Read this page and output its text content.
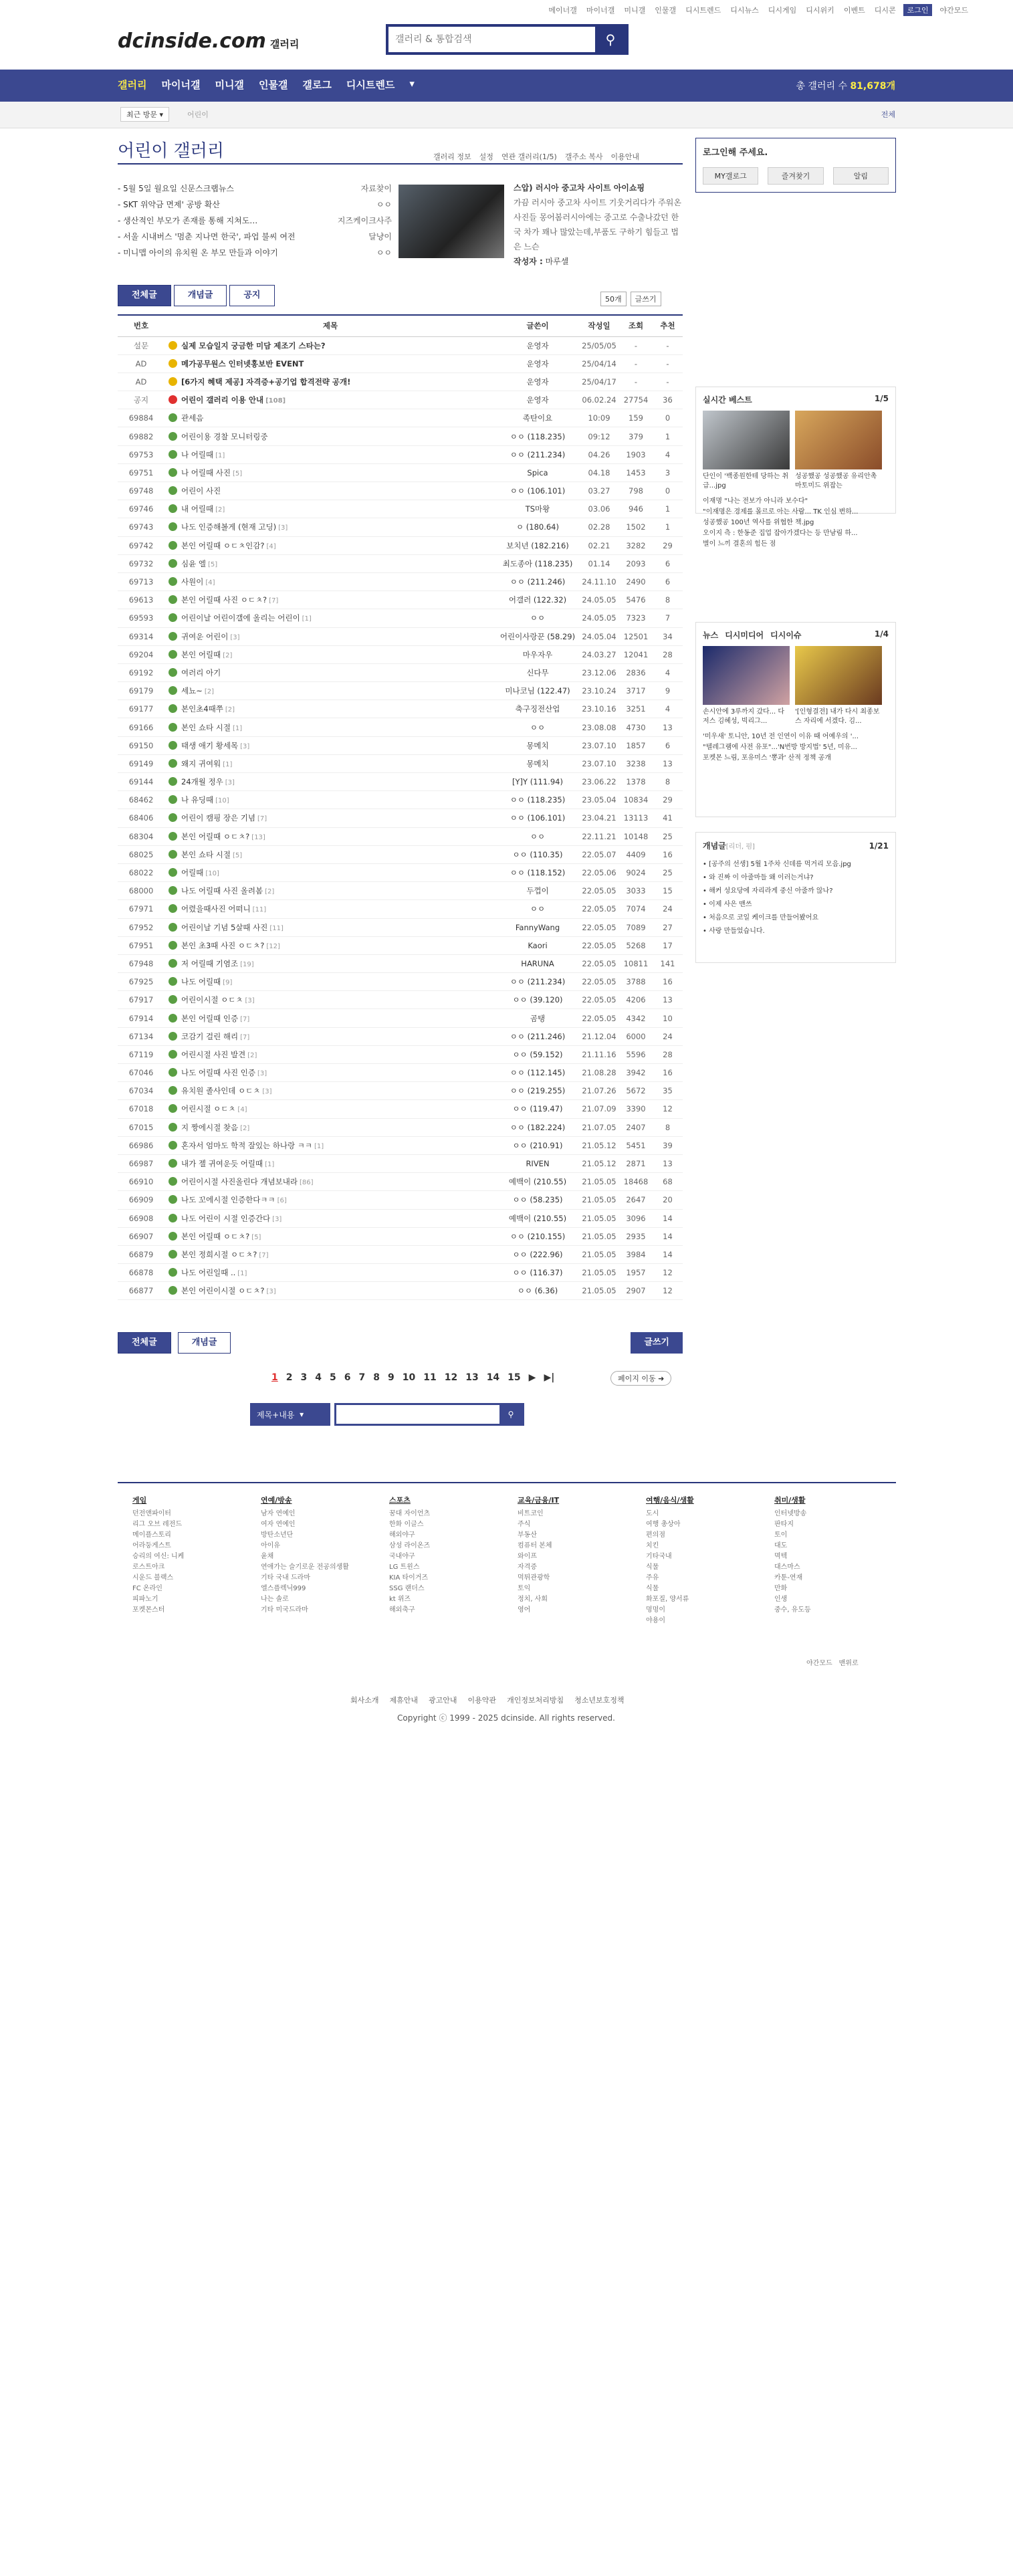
메이너갤 마이너갤 미니갤 인물갤 디시트렌드 디시뉴스 디시게임 디시위키 이벤트 디시콘	로그인	야간모드
dcinside.com 갤러리
갤러리 & 통합검색	⚲
갤러리 마이너갤 미니갤 인물갤 갤로그 디시트렌드 ▾	총 갤러리 수 81,678개
최근 방문 ▾	어린이	전체
어린이 갤러리	갤러리 정보 설정 연관 갤러리(1/5) 갤주소 복사 이용안내
- 5월 5일 월요일 신문스크랩뉴스	자료찾이
- SKT 위약금 면제' 공방 확산	ㅇㅇ
- 생산적인 부모가 존재를 통해 지쳐도…	지즈케이크사주
- 서울 시내버스 '멈춘 지나면 한국', 파업 불씨 여전	달냥이
- 미니맵 아이의 유치원 온 부모 만들과 이야기	ㅇㅇ
스압) 러시아 중고차 사이트 아이쇼핑
가끔 러시아 중고차 사이트 기웃거리다가 주워온 사진들 몽어봄러시아에는 중고로 수출나갔던 한국 차가 꽤나 많았는데,부품도 구하기 힘들고 법은 느슨
작성자 : 마루셀
전체글	개념글	공지	50개	글쓰기
번호	제목	글쓴이	작성일	조회	추천
설문	실제 모습일지 궁금한 미담 제조기 스타는?	운영자	25/05/05	-	-
AD	메가공무원스 인터넷홍보반 EVENT	운영자	25/04/14	-	-
AD	[6가지 혜택 제공] 자격증+공기업 합격전략 공개!	운영자	25/04/17	-	-
공지	어린이 갤러리 이용 안내 [108]	운영자	06.02.24	27754	36
69884	관세음	족탄이요	10:09	159	0
69882	어린이용 경찰 모니터링중	ㅇㅇ (118.235)	09:12	379	1
69753	나 어릴때 [1]	ㅇㅇ (211.234)	04.26	1903	4
69751	나 어릴때 사진 [5]	Spica	04.18	1453	3
69748	어린이 사진	ㅇㅇ (106.101)	03.27	798	0
69746	내 어릴때 [2]	TS마왕	03.06	946	1
69743	나도 인증해볼게 (현재 고딩) [3]	ㅇ (180.64)	02.28	1502	1
69742	본인 어릴때 ㅇㄷㅊ인감? [4]	보치년 (182.216)	02.21	3282	29
69732	심윤 엘 [5]	최도종아 (118.235)	01.14	2093	6
69713	사원이 [4]	ㅇㅇ (211.246)	24.11.10	2490	6
69613	본인 어릴때 사진 ㅇㄷㅊ? [7]	어갤러 (122.32)	24.05.05	5476	8
69593	어린이날 어린이갤에 올리는 어린이 [1]	ㅇㅇ	24.05.05	7323	7
69314	귀여운 어린이 [3]	어린이사랑꾼 (58.29)	24.05.04	12501	34
69204	본인 어릴때 [2]	마우자우	24.03.27	12041	28
69192	여러리 아기	신다무	23.12.06	2836	4
69179	세뇨~ [2]	미나코님 (122.47)	23.10.24	3717	9
69177	본인초4때쭈 [2]	축구징전산업	23.10.16	3251	4
69166	본인 쇼타 시절 [1]	ㅇㅇ	23.08.08	4730	13
69150	태생 애기 황세목 [3]	몽메치	23.07.10	1857	6
69149	왜지 귀여워 [1]	몽메치	23.07.10	3238	13
69144	24개월 정우 [3]	[Y]Y (111.94)	23.06.22	1378	8
68462	나 유딩때 [10]	ㅇㅇ (118.235)	23.05.04	10834	29
68406	어린이 캠핑 장은 기념 [7]	ㅇㅇ (106.101)	23.04.21	13113	41
68304	본인 어릴때 ㅇㄷㅊ? [13]	ㅇㅇ	22.11.21	10148	25
68025	본인 쇼타 시절 [5]	ㅇㅇ (110.35)	22.05.07	4409	16
68022	어릴때 [10]	ㅇㅇ (118.152)	22.05.06	9024	25
68000	나도 어릴때 사진 올려봄 [2]	두껍이	22.05.05	3033	15
67971	어렸을때사진 어떠니 [11]	ㅇㅇ	22.05.05	7074	24
67952	어린이날 기념 5살때 사진 [11]	FannyWang	22.05.05	7089	27
67951	본인 초3때 사진 ㅇㄷㅊ? [12]	Kaori	22.05.05	5268	17
67948	저 어릴때 기염조 [19]	HARUNA	22.05.05	10811	141
67925	나도 어릴때 [9]	ㅇㅇ (211.234)	22.05.05	3788	16
67917	어린이시절 ㅇㄷㅊ [3]	ㅇㅇ (39.120)	22.05.05	4206	13
67914	본인 어릴때 인증 [7]	곰탱	22.05.05	4342	10
67134	코감기 걸린 해리 [7]	ㅇㅇ (211.246)	21.12.04	6000	24
67119	어린시절 사진 발견 [2]	ㅇㅇ (59.152)	21.11.16	5596	28
67046	나도 어릴때 사진 인증 [3]	ㅇㅇ (112.145)	21.08.28	3942	16
67034	유치원 졸사인데 ㅇㄷㅊ [3]	ㅇㅇ (219.255)	21.07.26	5672	35
67018	어린시절 ㅇㄷㅊ [4]	ㅇㅇ (119.47)	21.07.09	3390	12
67015	지 짱에시절 찾음 [2]	ㅇㅇ (182.224)	21.07.05	2407	8
66986	혼자서 엄마도 학적 잘있는 하나랑 ㅋㅋ [1]	ㅇㅇ (210.91)	21.05.12	5451	39
66987	내가 젤 귀여운듯 어릴때 [1]	RIVEN	21.05.12	2871	13
66910	어린이시절 사진올린다 개념보내라 [86]	예백이 (210.55)	21.05.05	18468	68
66909	나도 꼬에시절 인증한다ㅋㅋ [6]	ㅇㅇ (58.235)	21.05.05	2647	20
66908	나도 어린이 시절 인증간다 [3]	예백이 (210.55)	21.05.05	3096	14
66907	본인 어릴때 ㅇㄷㅊ? [5]	ㅇㅇ (210.155)	21.05.05	2935	14
66879	본인 정희시절 ㅇㄷㅊ? [7]	ㅇㅇ (222.96)	21.05.05	3984	14
66878	나도 어린일때 .. [1]	ㅇㅇ (116.37)	21.05.05	1957	12
66877	본인 어린이시절 ㅇㄷㅊ? [3]	ㅇㅇ (6.36)	21.05.05	2907	12
전체글	개념글	글쓰기
1 2 3 4 5 6 7 8 9 10 11 12 13 14 15 ▶ ▶|	페이지 이동 ➜
제목+내용 ▾	⚲
게임
던전앤파이터
리그 오브 레전드
메이플스토리
어라둥게스트
승리의 여신: 니케
로스트아크
시운드 블랙스
FC 온라인
피파노기
포켓몬스터
연예/방송
남자 연예인
여자 연예인
방탄소년단
아이유
윤채
연애가는 슬기로운 전공의생활
기타 국내 드라마
엘스플렉닉999
나는 솔로
기타 미국드라마
스포츠
꿈대 자이언츠
한화 이글스
해외야구
삼성 라이온즈
국내야구
LG 트윈스
KIA 타이거즈
SSG 랜더스
kt 위즈
해외축구
교육/금융/IT
비트코인
주식
부동산
컴퓨터 본체
와이프
자격증
먹튀관광학
토익
정치, 사회
영어
여행/음식/생활
도시
여행 총상아
편의점
치킨
기타국내
식물
주유
식물
화포질, 양서류
멍멍이
야용이
취미/생활
인터넷방송
판타지
토이
대도
멱텍
대스마스
카툰-연재
만화
인생
중수, 유도등
야간모드 맨위로
회사소개 제휴안내 광고안내 이용약관 개인정보처리방침 청소년보호정책
Copyright ⓒ 1999 - 2025 dcinside. All rights reserved.
로그인해 주세요.
MY갤로그	즐겨찾기	알림
실시간 베스트	1/5
단인이 '백종원한테 당하는 취급...jpg
성공했공 성공했공 유리안촉 마토미드 위잡는
이재명 "나는 전보가 아니라 보수다"
"이재명은 경제를 몰르로 아는 사람... TK 인심 변하...
성공했공 100년 역사를 위협한 책.jpg
오이지 측 : 한동준 집업 잡아가겠다는 등 만남림 하...
별이 느끼 결혼의 힘든 점
뉴스 디시미디어 디시이슈	1/4
손시안에 3루까지 갔다... 다저스 김혜성, 빅리그...
'[인형결전] 내가 다시 최종보스 자리에 서겠다. 김...
'미우새' 토니안, 10년 전 인연이 이유 때 어예우의 '...
"텔레그램에 사전 유포"...'N번방 방지법' 5년, 미유...
포켓몬 느림, 포유미스 '뽕과' 산적 정책 공개
개념글[리더, 펌]	1/21
• [공주의 선생] 5월 1주차 신데름 먹거리 모음.jpg
• 와 진짜 이 아줄마들 왜 이러는거냐?
• 해커 성요당에 자리라게 중신 아줄까 않나?
• 이제 사은 맨쓰
• 처음으로 코일 케이크를 만들어봤어요
• 사랑 만들었습니다.
